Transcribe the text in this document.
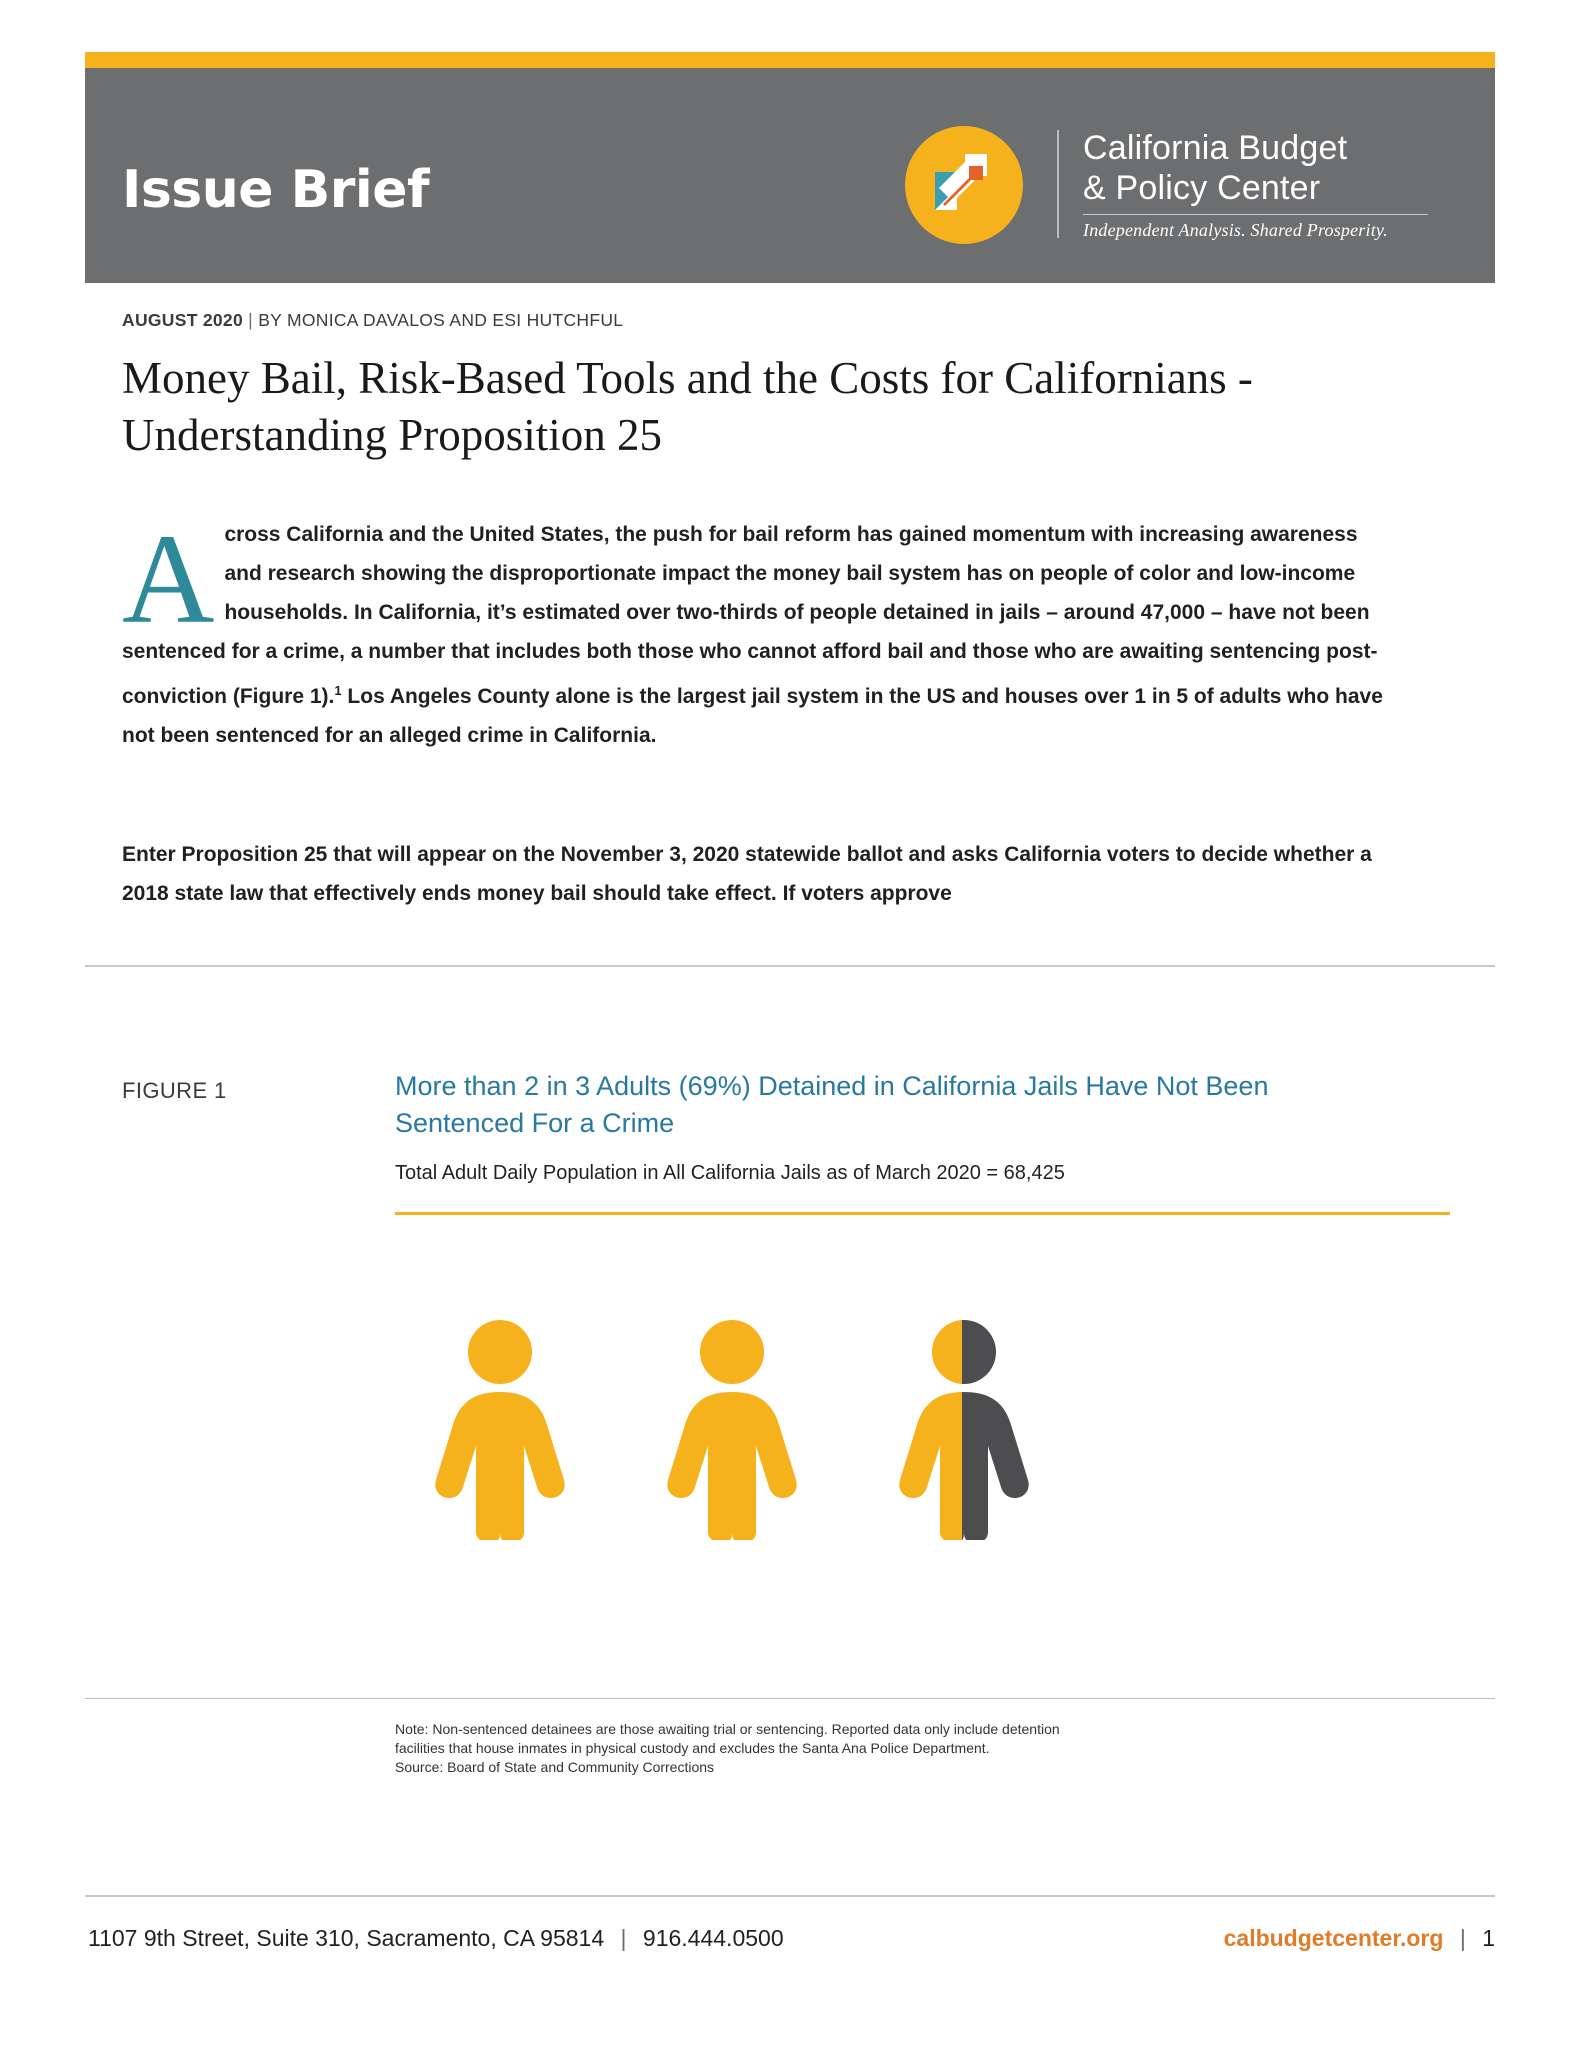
Issue Brief
California Budget
& Policy Center
Independent Analysis. Shared Prosperity.
AUGUST 2020 | BY MONICA DAVALOS AND ESI HUTCHFUL
Money Bail, Risk-Based Tools and the Costs for Californians - Understanding Proposition 25
A cross California and the United States, the push for bail reform has gained momentum with increasing awareness and research showing the disproportionate impact the money bail system has on people of color and low-income households. In California, it’s estimated over two-thirds of people detained in jails – around 47,000 – have not been sentenced for a crime, a number that includes both those who cannot afford bail and those who are awaiting sentencing post-conviction (Figure 1).$^1$ Los Angeles County alone is the largest jail system in the US and houses over 1 in 5 of adults who have not been sentenced for an alleged crime in California.
Enter Proposition 25 that will appear on the November 3, 2020 statewide ballot and asks California voters to decide whether a 2018 state law that effectively ends money bail should take effect. If voters approve
FIGURE 1	More than 2 in 3 Adults (69%) Detained in California Jails Have Not Been Sentenced For a Crime
Total Adult Daily Population in All California Jails as of March 2020 = 68,425
Note: Non-sentenced detainees are those awaiting trial or sentencing. Reported data only include detention facilities that house inmates in physical custody and excludes the Santa Ana Police Department.
Source: Board of State and Community Corrections
1107 9th Street, Suite 310, Sacramento, CA 95814 | 916.444.0500	calbudgetcenter.org | 1
